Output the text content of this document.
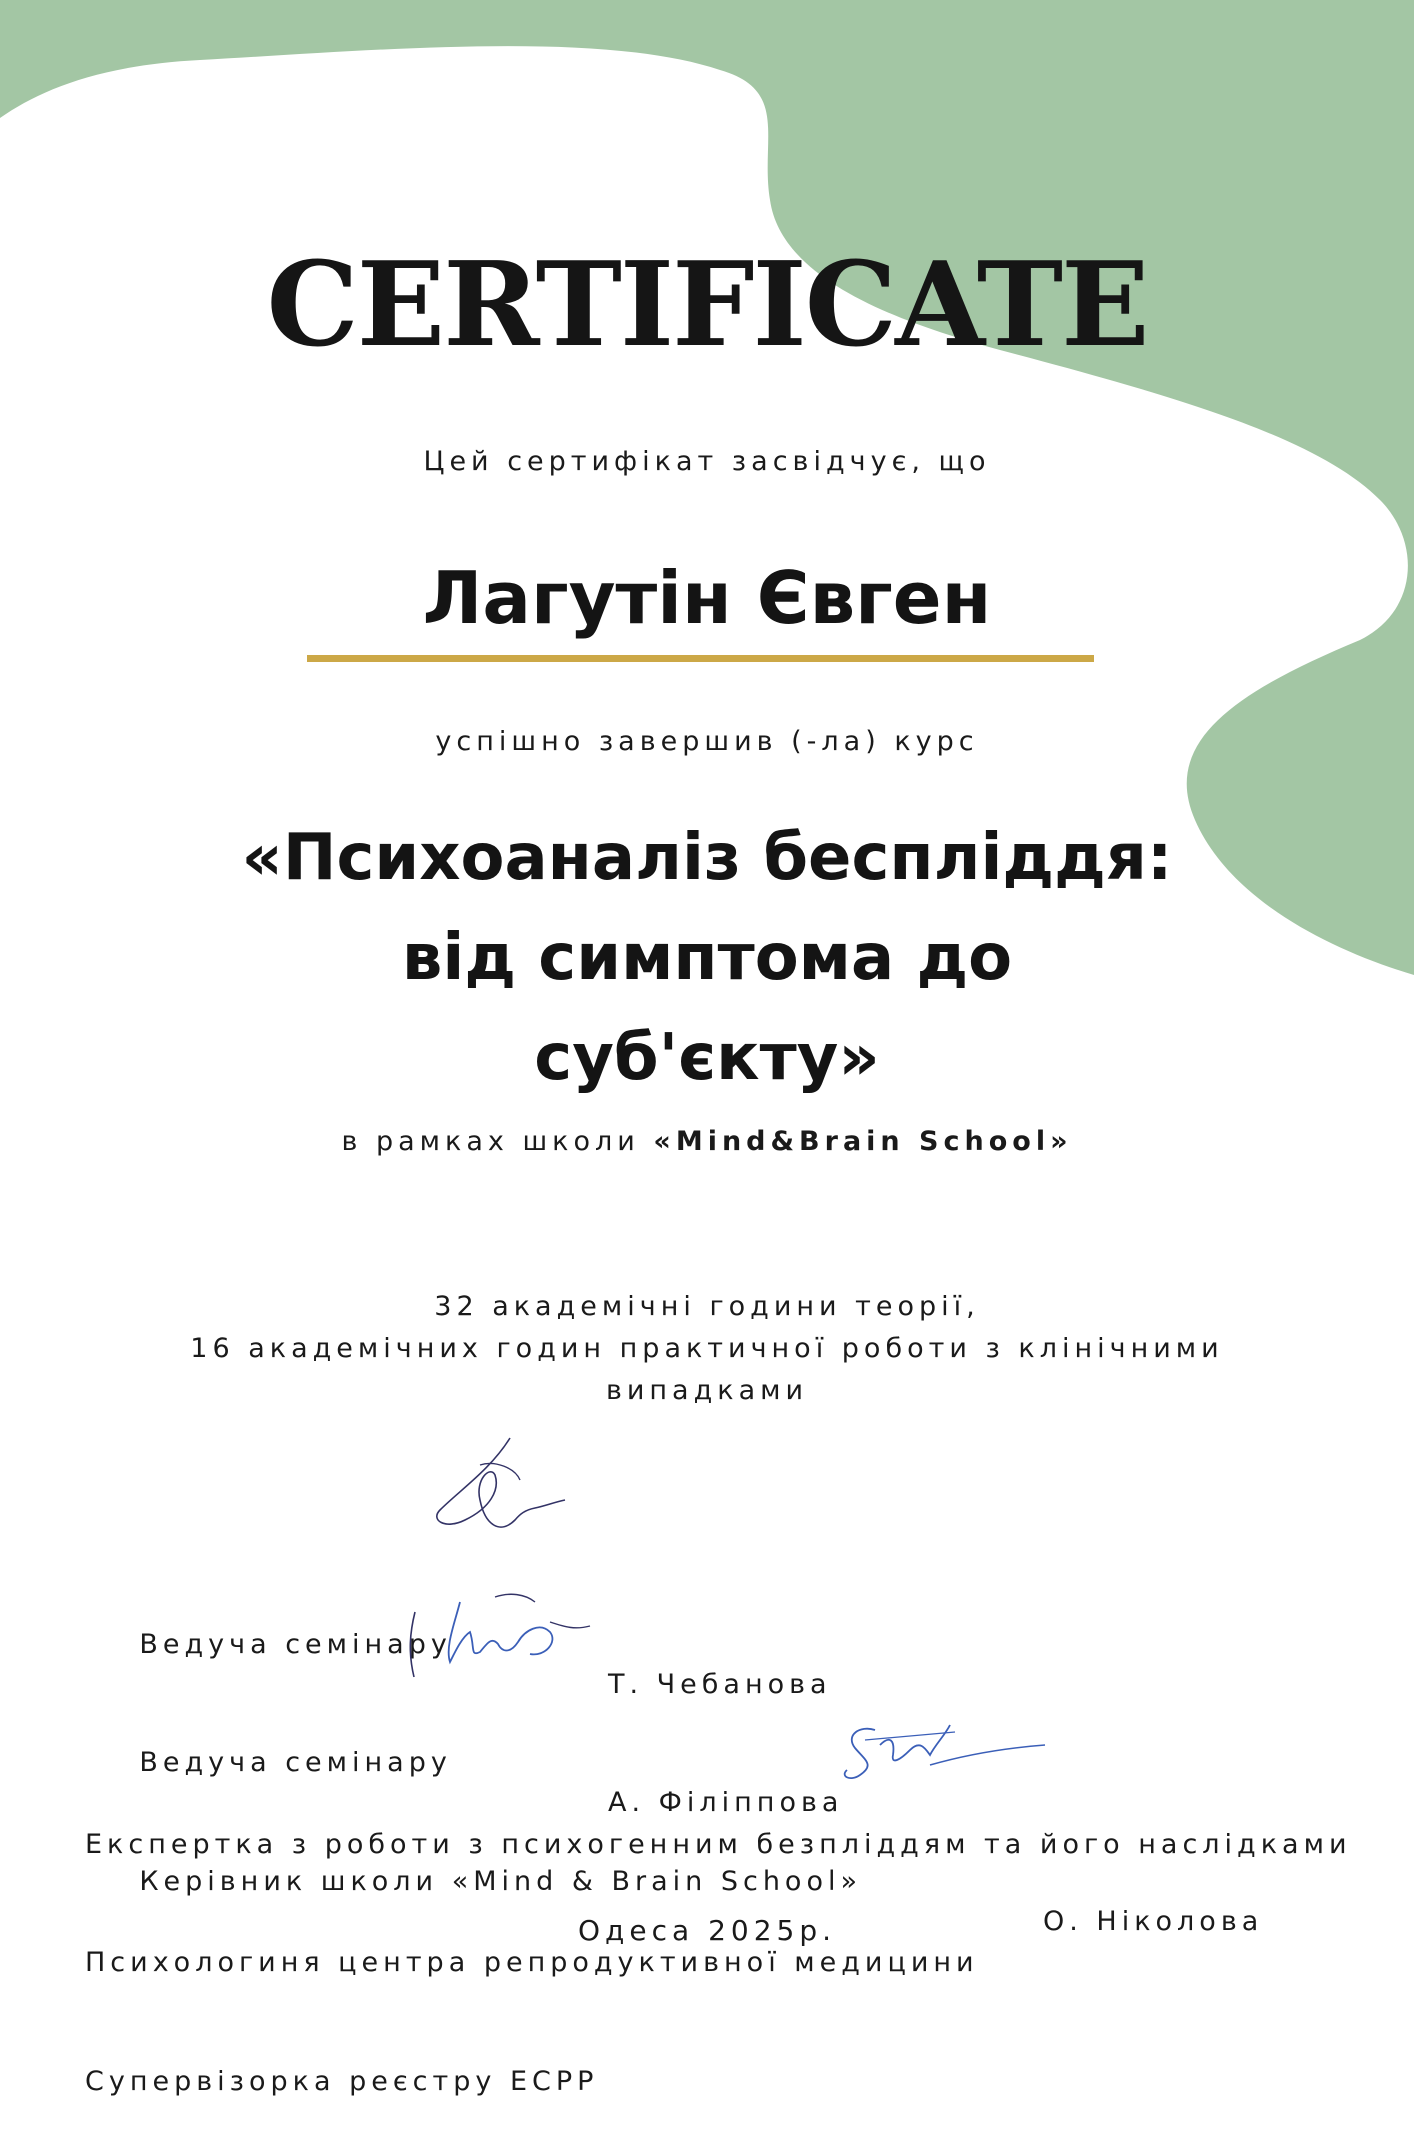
CERTIFICATE
Цей сертифікат засвідчує, що
Лагутін Євген
успішно завершив (-ла) курс
«Психоаналіз беспліддя:
від симптома до
суб'єкту»
в рамках школи «Mind&Brain School»
32 академічні години теорії,
16 академічних годин практичної роботи з клінічними
випадками

Ведуча семінару

Т. Чебанова

Експертка з роботи з психогенним безпліддям та його наслідками

Ведуча семінару

А. Філіппова

Психологиня центра репродуктивної медицини

Керівник школи «Mind & Brain School»

О. Ніколова

Супервізорка реєстру ECPP

Одеса 2025р.
